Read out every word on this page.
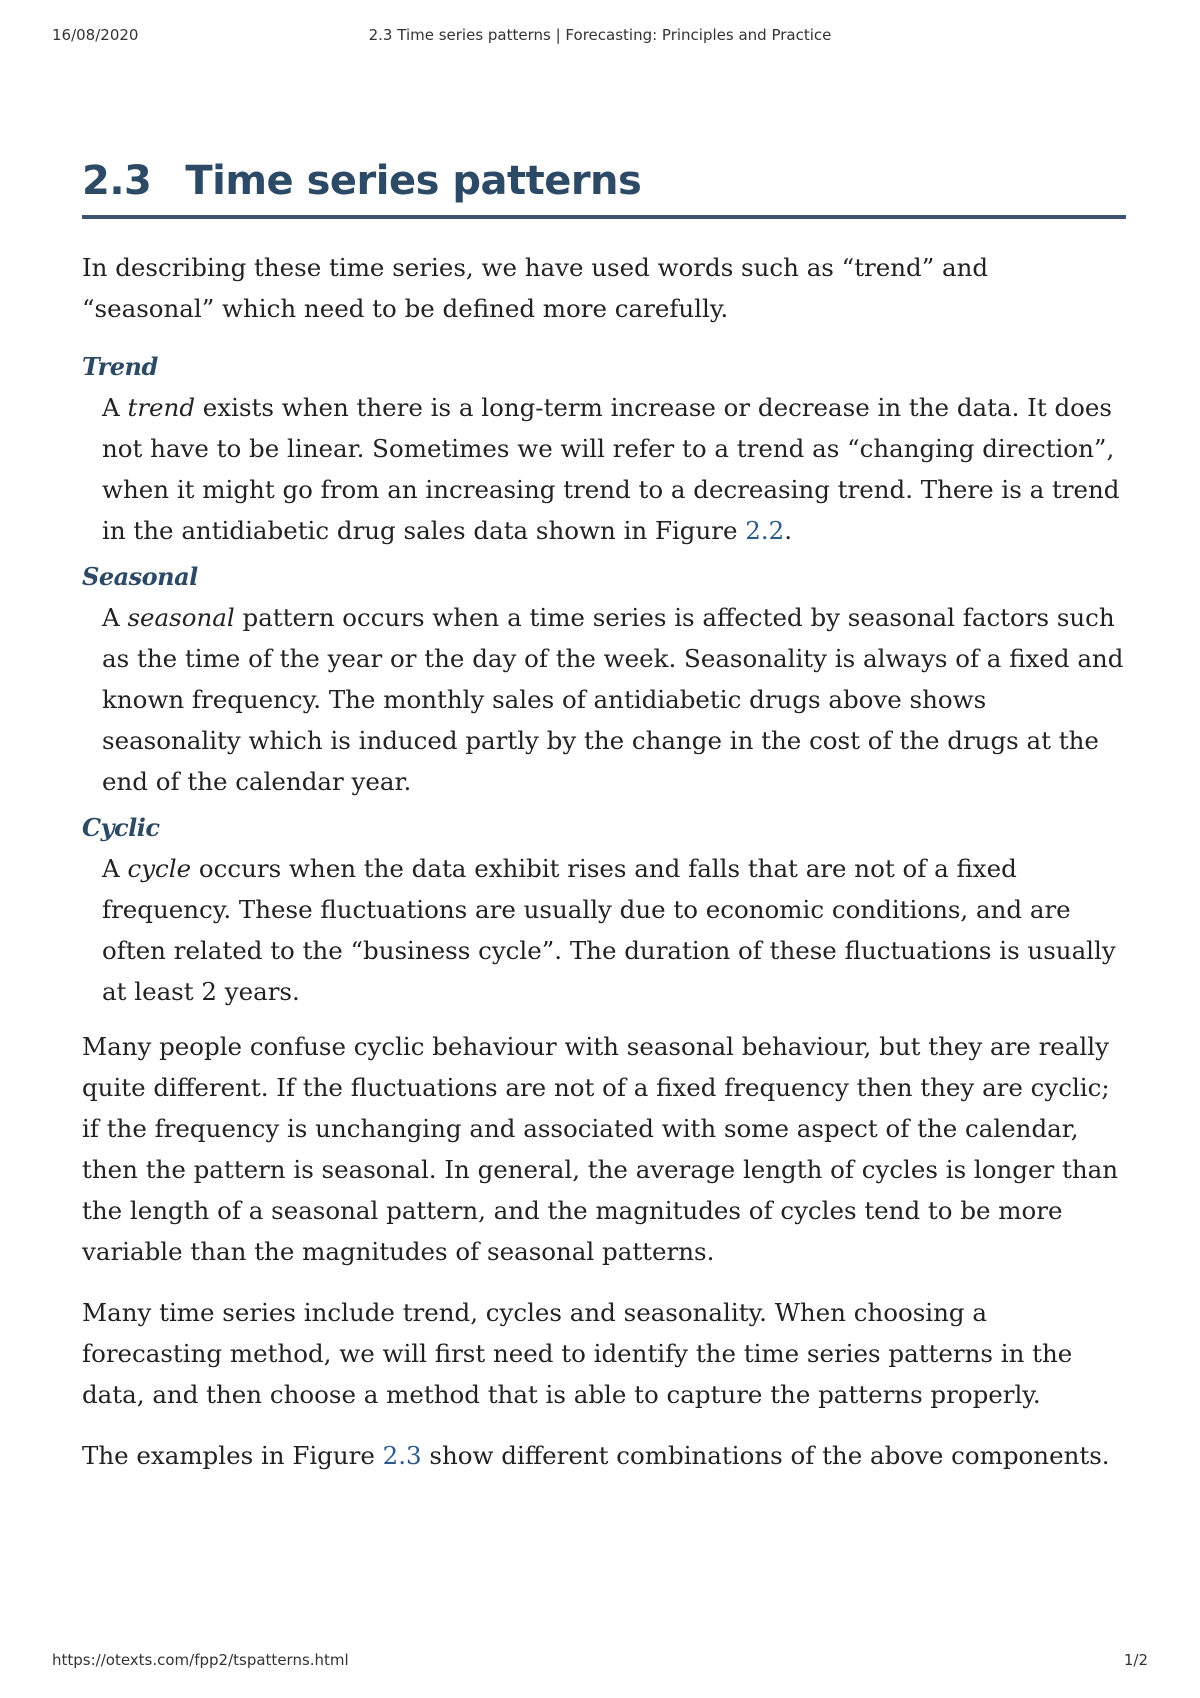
16/08/2020	2.3 Time series patterns | Forecasting: Principles and Practice
2.3 Time series patterns

In describing these time series, we have used words such as “trend” and “seasonal” which need to be defined more carefully.

Trend

A trend exists when there is a long-term increase or decrease in the data. It does not have to be linear. Sometimes we will refer to a trend as “changing direction”, when it might go from an increasing trend to a decreasing trend. There is a trend in the antidiabetic drug sales data shown in Figure 2.2.

Seasonal

A seasonal pattern occurs when a time series is affected by seasonal factors such as the time of the year or the day of the week. Seasonality is always of a fixed and known frequency. The monthly sales of antidiabetic drugs above shows seasonality which is induced partly by the change in the cost of the drugs at the end of the calendar year.

Cyclic

A cycle occurs when the data exhibit rises and falls that are not of a fixed frequency. These fluctuations are usually due to economic conditions, and are often related to the “business cycle”. The duration of these fluctuations is usually at least 2 years.

Many people confuse cyclic behaviour with seasonal behaviour, but they are really quite different. If the fluctuations are not of a fixed frequency then they are cyclic; if the frequency is unchanging and associated with some aspect of the calendar, then the pattern is seasonal. In general, the average length of cycles is longer than the length of a seasonal pattern, and the magnitudes of cycles tend to be more variable than the magnitudes of seasonal patterns.

Many time series include trend, cycles and seasonality. When choosing a forecasting method, we will first need to identify the time series patterns in the data, and then choose a method that is able to capture the patterns properly.

The examples in Figure 2.3 show different combinations of the above components.

https://otexts.com/fpp2/tspatterns.html	1/2
